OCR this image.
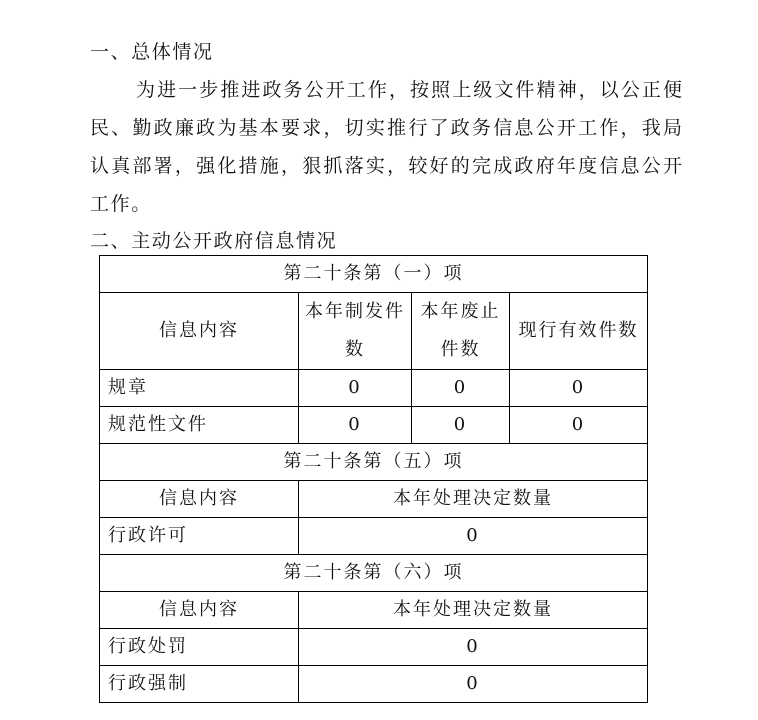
一、总体情况
为进一步推进政务公开工作，按照上级文件精神，以公正便
民、勤政廉政为基本要求，切实推行了政务信息公开工作，我局
认真部署，强化措施，狠抓落实，较好的完成政府年度信息公开
工作。
二、主动公开政府信息情况
第二十条第（一）项			
信息内容	本年制发件数	本年废止件数	现行有效件数
规章	0	0	0
规范性文件	0	0	0
第二十条第（五）项			
信息内容	本年处理决定数量		
行政许可	0		
第二十条第（六）项			
信息内容	本年处理决定数量		
行政处罚	0		
行政强制	0		
